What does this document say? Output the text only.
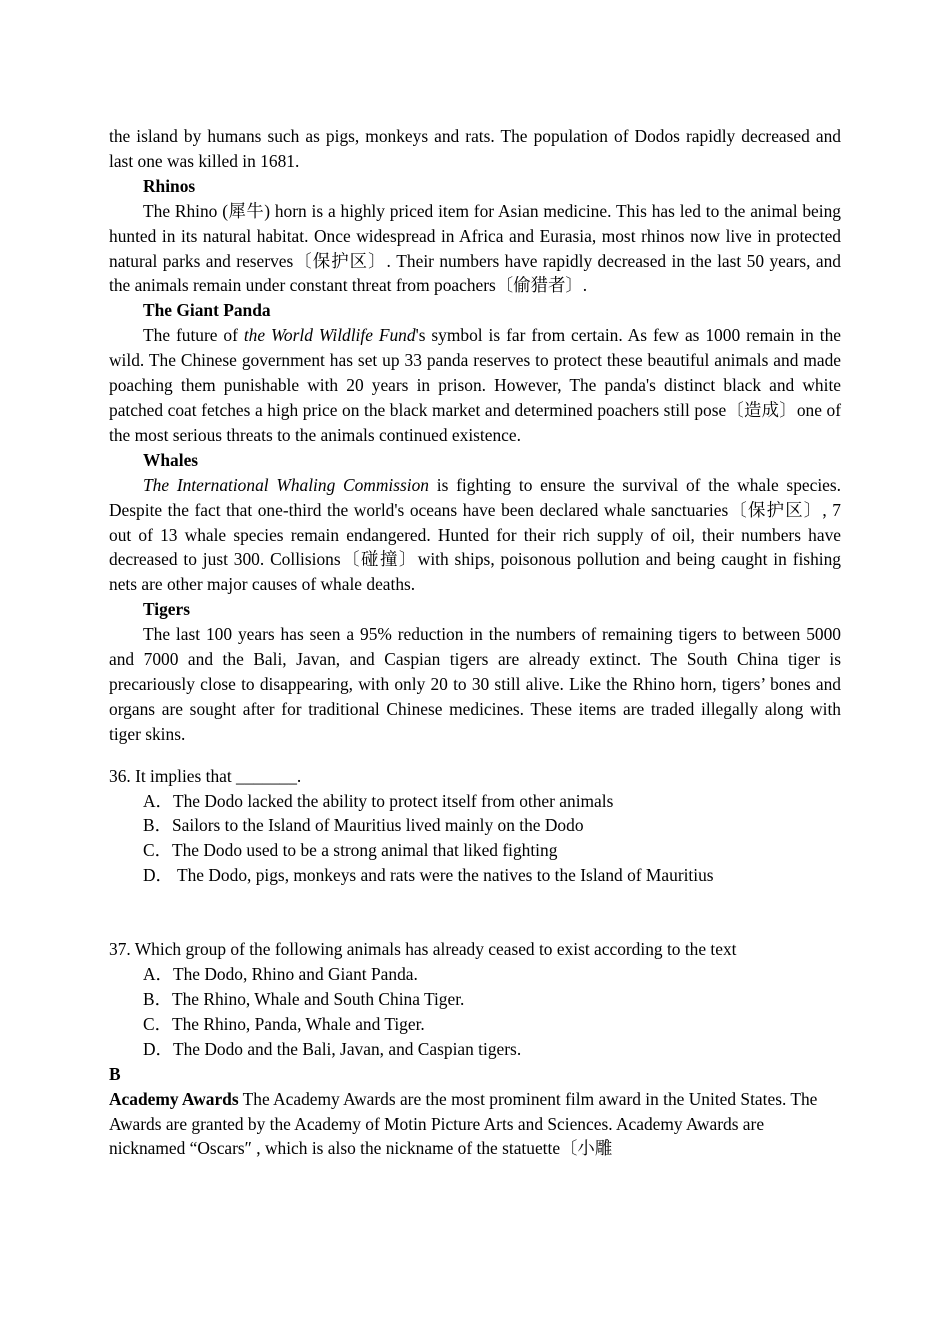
the island by humans such as pigs, monkeys and rats. The population of Dodos rapidly decreased and last one was killed in 1681.

Rhinos

The Rhino (犀牛) horn is a highly priced item for Asian medicine. This has led to the animal being hunted in its natural habitat. Once widespread in Africa and Eurasia, most rhinos now live in protected natural parks and reserves〔保护区〕. Their numbers have rapidly decreased in the last 50 years, and the animals remain under constant threat from poachers〔偷猎者〕.

The Giant Panda

The future of the World Wildlife Fund's symbol is far from certain. As few as 1000 remain in the wild. The Chinese government has set up 33 panda reserves to protect these beautiful animals and made poaching them punishable with 20 years in prison. However, The panda's distinct black and white patched coat fetches a high price on the black market and determined poachers still pose〔造成〕one of the most serious threats to the animals continued existence.

Whales

The International Whaling Commission is fighting to ensure the survival of the whale species. Despite the fact that one-third the world's oceans have been declared whale sanctuaries〔保护区〕, 7 out of 13 whale species remain endangered. Hunted for their rich supply of oil, their numbers have decreased to just 300. Collisions〔碰撞〕with ships, poisonous pollution and being caught in fishing nets are other major causes of whale deaths.

Tigers

The last 100 years has seen a 95% reduction in the numbers of remaining tigers to between 5000 and 7000 and the Bali, Javan, and Caspian tigers are already extinct. The South China tiger is precariously close to disappearing, with only 20 to 30 still alive. Like the Rhino horn, tigers’ bones and organs are sought after for traditional Chinese medicines. These items are traded illegally along with tiger skins.

36. It implies that _______.

A．The Dodo lacked the ability to protect itself from other animals

B．Sailors to the Island of Mauritius lived mainly on the Dodo

C．The Dodo used to be a strong animal that liked fighting

D． The Dodo, pigs, monkeys and rats were the natives to the Island of Mauritius

37. Which group of the following animals has already ceased to exist according to the text

A．The Dodo, Rhino and Giant Panda.

B．The Rhino, Whale and South China Tiger.

C．The Rhino, Panda, Whale and Tiger.

D．The Dodo and the Bali, Javan, and Caspian tigers.

B

Academy Awards The Academy Awards are the most prominent film award in the United States. The Awards are granted by the Academy of Motin Picture Arts and Sciences. Academy Awards are nicknamed “Oscars″ , which is also the nickname of the statuette〔小雕
